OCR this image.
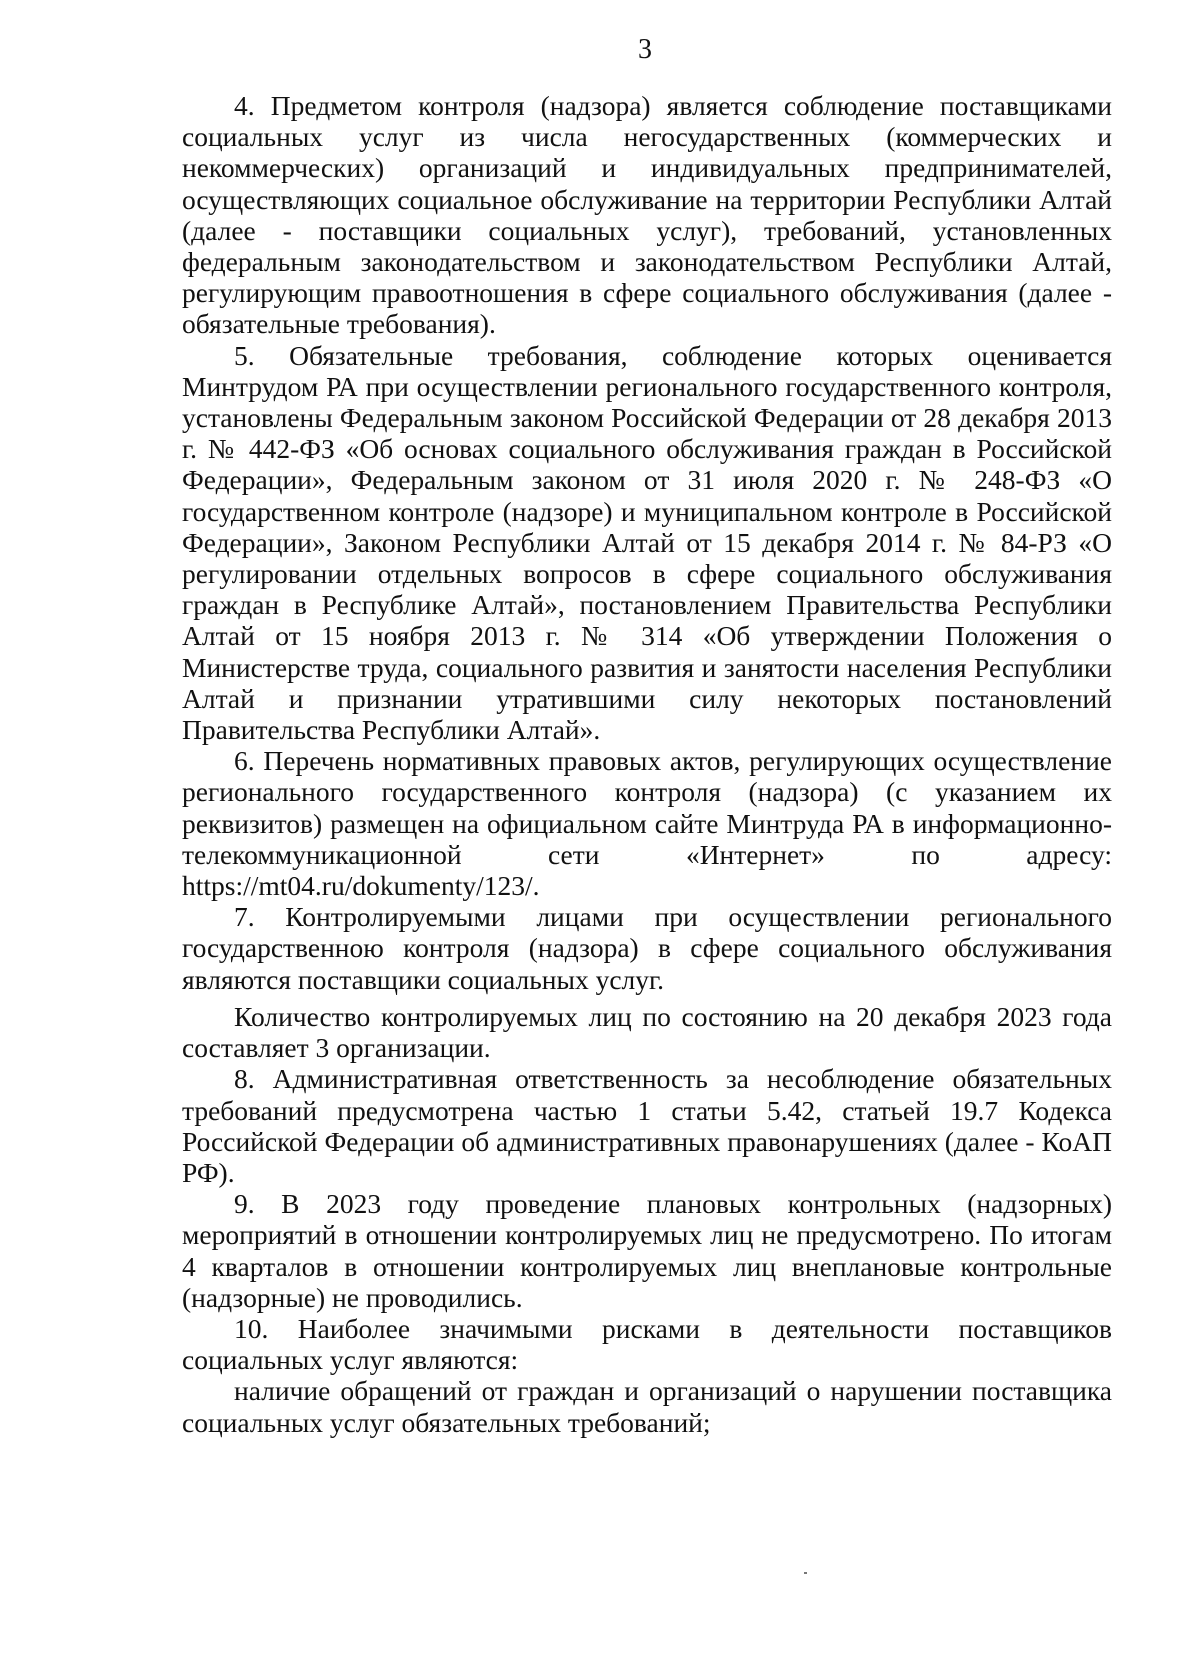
3

4. Предметом контроля (надзора) является соблюдение поставщиками социальных услуг из числа негосударственных (коммерческих и некоммерческих) организаций и индивидуальных предпринимателей, осуществляющих социальное обслуживание на территории Республики Алтай (далее - поставщики социальных услуг), требований, установленных федеральным законодательством и законодательством Республики Алтай, регулирующим правоотношения в сфере социального обслуживания (далее - обязательные требования).

5. Обязательные требования, соблюдение которых оценивается Минтрудом РА при осуществлении регионального государственного контроля, установлены Федеральным законом Российской Федерации от 28 декабря 2013 г. № 442-ФЗ «Об основах социального обслуживания граждан в Российской Федерации», Федеральным законом от 31 июля 2020 г. № 248-ФЗ «О государственном контроле (надзоре) и муниципальном контроле в Российской Федерации», Законом Республики Алтай от 15 декабря 2014 г. № 84-РЗ «О регулировании отдельных вопросов в сфере социального обслуживания граждан в Республике Алтай», постановлением Правительства Республики Алтай от 15 ноября 2013 г. № 314 «Об утверждении Положения о Министерстве труда, социального развития и занятости населения Республики Алтай и признании утратившими силу некоторых постановлений Правительства Республики Алтай».

6. Перечень нормативных правовых актов, регулирующих осуществление регионального государственного контроля (надзора) (с указанием их реквизитов) размещен на официальном сайте Минтруда РА в информационно-телекоммуникационной сети «Интернет» по адресу: https://mt04.ru/dokumenty/123/.

7. Контролируемыми лицами при осуществлении регионального государственною контроля (надзора) в сфере социального обслуживания являются поставщики социальных услуг.

Количество контролируемых лиц по состоянию на 20 декабря 2023 года составляет 3 организации.

8. Административная ответственность за несоблюдение обязательных требований предусмотрена частью 1 статьи 5.42, статьей 19.7 Кодекса Российской Федерации об административных правонарушениях (далее - КоАП РФ).

9. В 2023 году проведение плановых контрольных (надзорных) мероприятий в отношении контролируемых лиц не предусмотрено. По итогам 4 кварталов в отношении контролируемых лиц внеплановые контрольные (надзорные) не проводились.

10. Наиболее значимыми рисками в деятельности поставщиков социальных услуг являются:

наличие обращений от граждан и организаций о нарушении поставщика социальных услуг обязательных требований;
